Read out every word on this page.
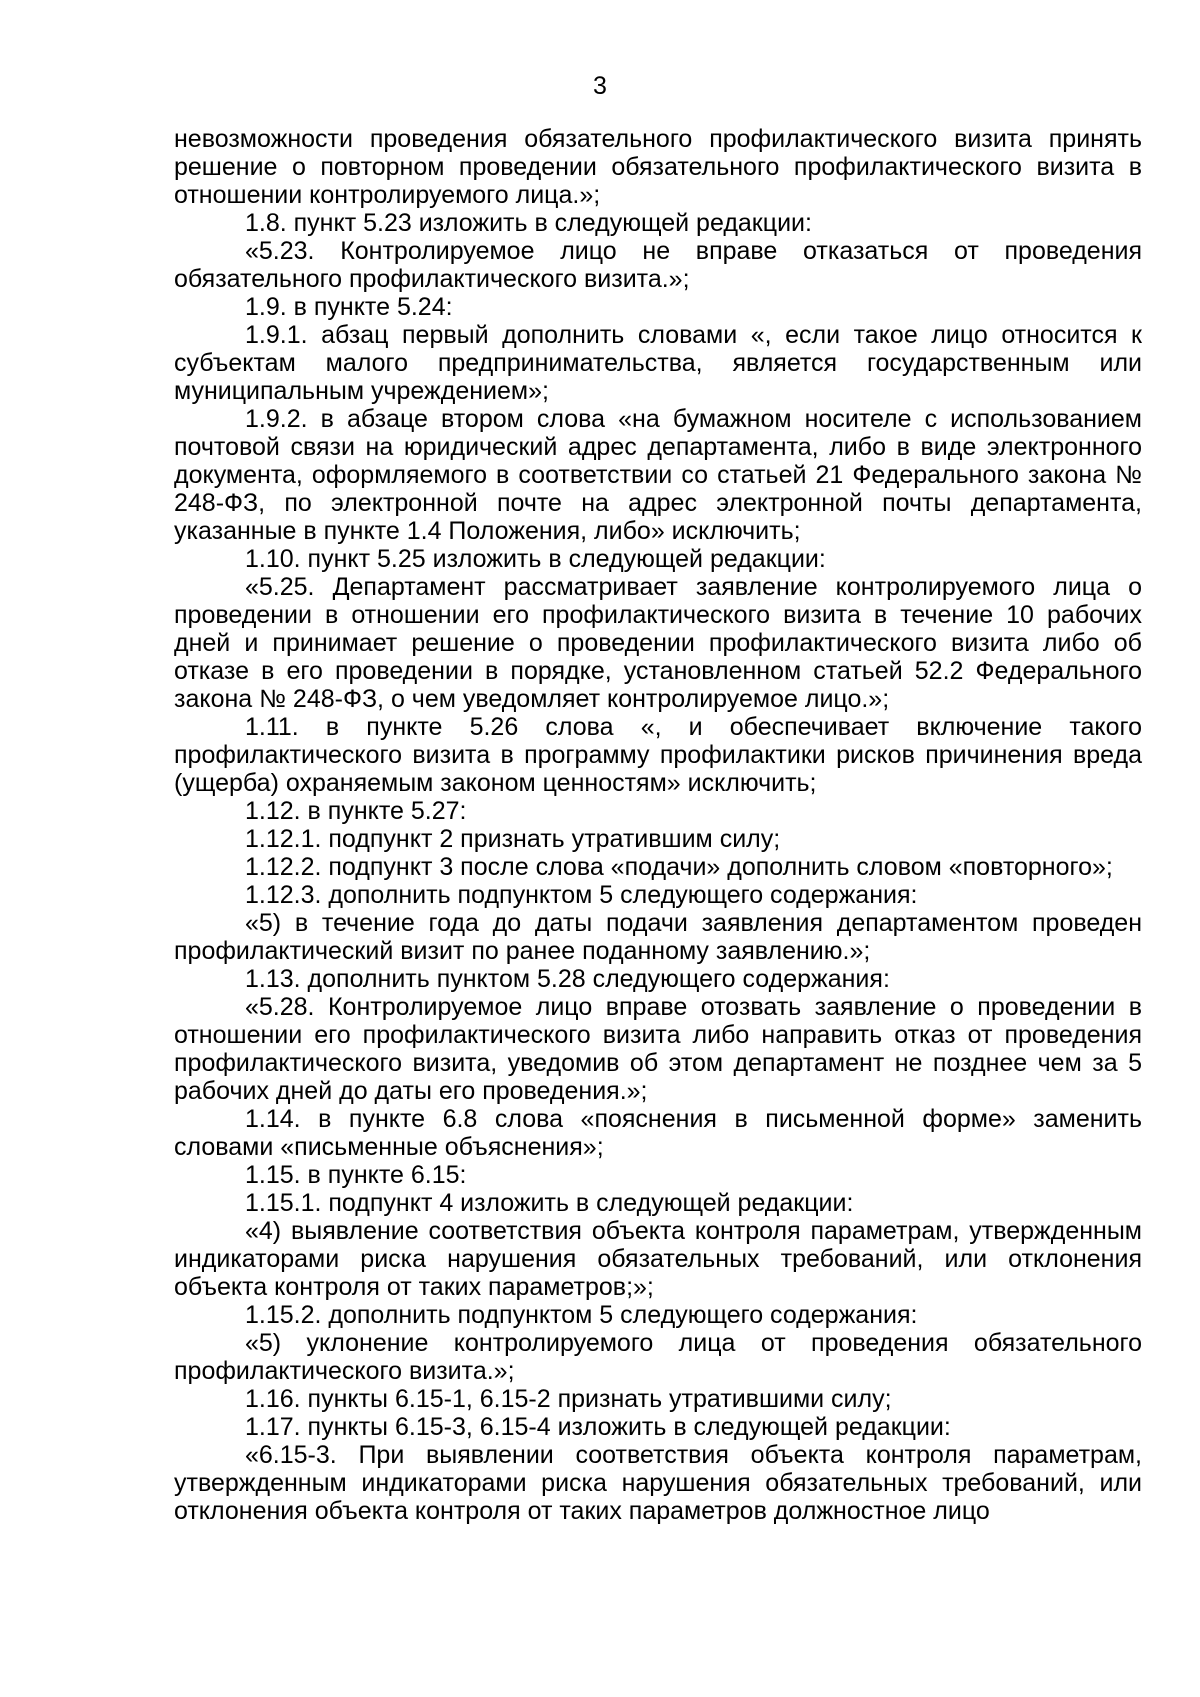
3

невозможности проведения обязательного профилактического визита принять решение о повторном проведении обязательного профилактического визита в отношении контролируемого лица.»;

1.8. пункт 5.23 изложить в следующей редакции:

«5.23. Контролируемое лицо не вправе отказаться от проведения обязательного профилактического визита.»;

1.9. в пункте 5.24:

1.9.1. абзац первый дополнить словами «, если такое лицо относится к субъектам малого предпринимательства, является государственным или муниципальным учреждением»;

1.9.2. в абзаце втором слова «на бумажном носителе с использованием почтовой связи на юридический адрес департамента, либо в виде электронного документа, оформляемого в соответствии со статьей 21 Федерального закона № 248-ФЗ, по электронной почте на адрес электронной почты департамента, указанные в пункте 1.4 Положения, либо» исключить;

1.10. пункт 5.25 изложить в следующей редакции:

«5.25. Департамент рассматривает заявление контролируемого лица о проведении в отношении его профилактического визита в течение 10 рабочих дней и принимает решение о проведении профилактического визита либо об отказе в его проведении в порядке, установленном статьей 52.2 Федерального закона № 248-ФЗ, о чем уведомляет контролируемое лицо.»;

1.11. в пункте 5.26 слова «, и обеспечивает включение такого профилактического визита в программу профилактики рисков причинения вреда (ущерба) охраняемым законом ценностям» исключить;

1.12. в пункте 5.27:

1.12.1. подпункт 2 признать утратившим силу;

1.12.2. подпункт 3 после слова «подачи» дополнить словом «повторного»;

1.12.3. дополнить подпунктом 5 следующего содержания:

«5) в течение года до даты подачи заявления департаментом проведен профилактический визит по ранее поданному заявлению.»;

1.13. дополнить пунктом 5.28 следующего содержания:

«5.28. Контролируемое лицо вправе отозвать заявление о проведении в отношении его профилактического визита либо направить отказ от проведения профилактического визита, уведомив об этом департамент не позднее чем за 5 рабочих дней до даты его проведения.»;

1.14. в пункте 6.8 слова «пояснения в письменной форме» заменить словами «письменные объяснения»;

1.15. в пункте 6.15:

1.15.1. подпункт 4 изложить в следующей редакции:

«4) выявление соответствия объекта контроля параметрам, утвержденным индикаторами риска нарушения обязательных требований, или отклонения объекта контроля от таких параметров;»;

1.15.2. дополнить подпунктом 5 следующего содержания:

«5) уклонение контролируемого лица от проведения обязательного профилактического визита.»;

1.16. пункты 6.15-1, 6.15-2 признать утратившими силу;

1.17. пункты 6.15-3, 6.15-4 изложить в следующей редакции:

«6.15-3. При выявлении соответствия объекта контроля параметрам, утвержденным индикаторами риска нарушения обязательных требований, или отклонения объекта контроля от таких параметров должностное лицо
